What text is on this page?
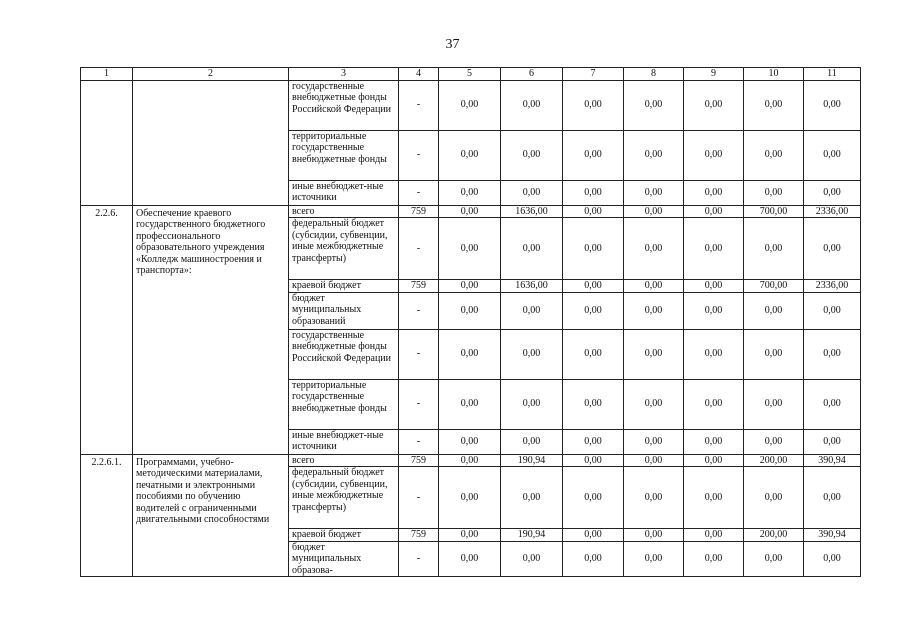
37
1	2	3	4	5	6	7	8	9	10	11
		государственные внебюджетные фонды Российской Федерации	-	0,00	0,00	0,00	0,00	0,00	0,00	0,00
		территориальные государственные внебюджетные фонды	-	0,00	0,00	0,00	0,00	0,00	0,00	0,00
		иные внебюджет-ные источники	-	0,00	0,00	0,00	0,00	0,00	0,00	0,00
2.2.6.	Обеспечение краевого государственного бюджетного профессионального образовательного учреждения «Колледж машиностроения и транспорта»:	всего	759	0,00	1636,00	0,00	0,00	0,00	700,00	2336,00
		федеральный бюджет (субсидии, субвенции, иные межбюджетные трансферты)	-	0,00	0,00	0,00	0,00	0,00	0,00	0,00
		краевой бюджет	759	0,00	1636,00	0,00	0,00	0,00	700,00	2336,00
		бюджет муниципальных образований	-	0,00	0,00	0,00	0,00	0,00	0,00	0,00
		государственные внебюджетные фонды Российской Федерации	-	0,00	0,00	0,00	0,00	0,00	0,00	0,00
		территориальные государственные внебюджетные фонды	-	0,00	0,00	0,00	0,00	0,00	0,00	0,00
		иные внебюджет-ные источники	-	0,00	0,00	0,00	0,00	0,00	0,00	0,00
2.2.6.1.	Программами, учебно-методическими материалами, печатными и электронными пособиями по обучению водителей с ограниченными двигательными способностями	всего	759	0,00	190,94	0,00	0,00	0,00	200,00	390,94
		федеральный бюджет (субсидии, субвенции, иные межбюджетные трансферты)	-	0,00	0,00	0,00	0,00	0,00	0,00	0,00
		краевой бюджет	759	0,00	190,94	0,00	0,00	0,00	200,00	390,94
		бюджет муниципальных образова-	-	0,00	0,00	0,00	0,00	0,00	0,00	0,00
